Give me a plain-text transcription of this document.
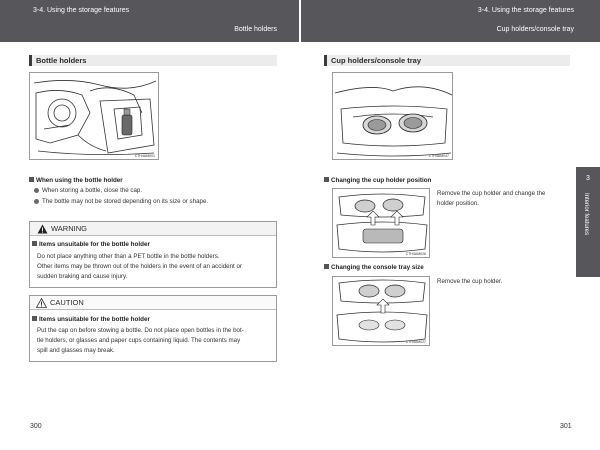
3-4. Using the storage features
Bottle holders
3-4. Using the storage features
Cup holders/console tray
Bottle holders
CTH4AM001
When using the bottle holder
When storing a bottle, close the cap.
The bottle may not be stored depending on its size or shape.
WARNING
Items unsuitable for the bottle holder
Do not place anything other than a PET bottle in the bottle holders.
Other items may be thrown out of the holders in the event of an accident or
sudden braking and cause injury.
CAUTION
Items unsuitable for the bottle holder
Put the cap on before stowing a bottle. Do not place open bottles in the bot-
tle holders, or glasses and paper cups containing liquid. The contents may
spill and glasses may break.
300
Cup holders/console tray
CTH4AM047
Changing the cup holder position
CTH4AM026
Remove the cup holder and change the
holder position.
Changing the console tray size
CTH4AM027
Remove the cup holder.
301
3
Interior features
